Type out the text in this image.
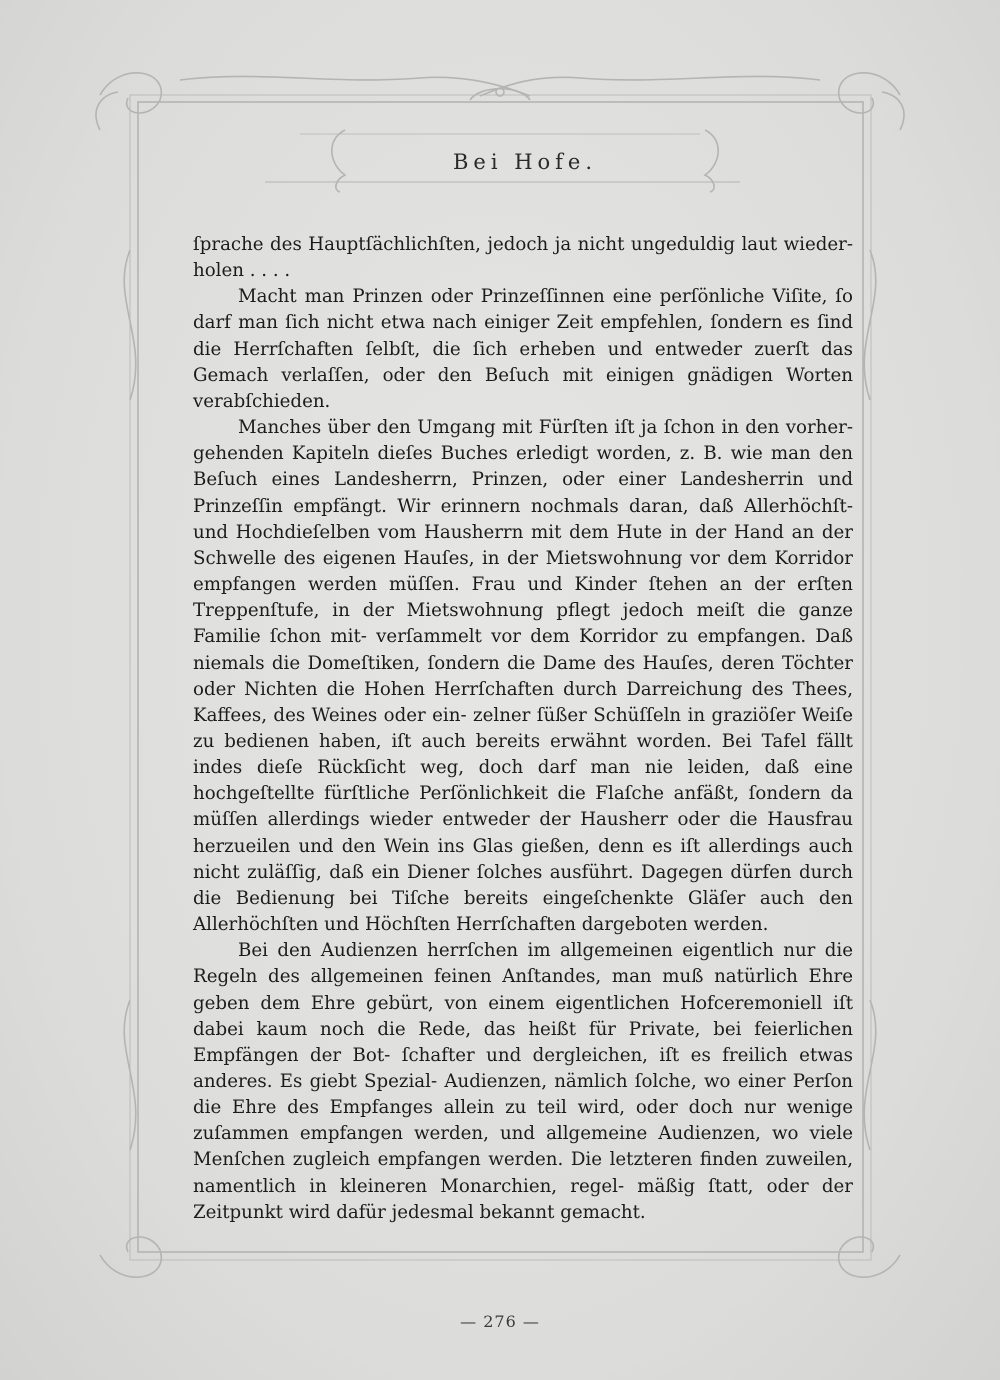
Bei Hofe.

ſprache des Hauptſächlichſten, jedoch ja nicht ungeduldig laut wieder- holen . . . .

Macht man Prinzen oder Prinzeſſinnen eine perſönliche Viſite, ſo darf man ſich nicht etwa nach einiger Zeit empfehlen, ſondern es ſind die Herrſchaften ſelbſt, die ſich erheben und entweder zuerſt das Gemach verlaſſen, oder den Beſuch mit einigen gnädigen Worten verabſchieden.

Manches über den Umgang mit Fürſten iſt ja ſchon in den vorher- gehenden Kapiteln dieſes Buches erledigt worden, z. B. wie man den Beſuch eines Landesherrn, Prinzen, oder einer Landesherrin und Prinzeſſin empfängt. Wir erinnern nochmals daran, daß Allerhöchſt- und Hochdieſelben vom Hausherrn mit dem Hute in der Hand an der Schwelle des eigenen Hauſes, in der Mietswohnung vor dem Korridor empfangen werden müſſen. Frau und Kinder ſtehen an der erſten Treppenſtufe, in der Mietswohnung pflegt jedoch meiſt die ganze Familie ſchon mit- verſammelt vor dem Korridor zu empfangen. Daß niemals die Domeſtiken, ſondern die Dame des Hauſes, deren Töchter oder Nichten die Hohen Herrſchaften durch Darreichung des Thees, Kaffees, des Weines oder ein- zelner ſüßer Schüſſeln in graziöſer Weiſe zu bedienen haben, iſt auch bereits erwähnt worden. Bei Tafel fällt indes dieſe Rückſicht weg, doch darf man nie leiden, daß eine hochgeſtellte fürſtliche Perſönlichkeit die Flaſche anfäßt, ſondern da müſſen allerdings wieder entweder der Hausherr oder die Hausfrau herzueilen und den Wein ins Glas gießen, denn es iſt allerdings auch nicht zuläſſig, daß ein Diener ſolches ausführt. Dagegen dürfen durch die Bedienung bei Tiſche bereits eingeſchenkte Gläſer auch den Allerhöchſten und Höchſten Herrſchaften dargeboten werden.

Bei den Audienzen herrſchen im allgemeinen eigentlich nur die Regeln des allgemeinen feinen Anſtandes, man muß natürlich Ehre geben dem Ehre gebürt, von einem eigentlichen Hofceremoniell iſt dabei kaum noch die Rede, das heißt für Private, bei feierlichen Empfängen der Bot- ſchafter und dergleichen, iſt es freilich etwas anderes. Es giebt Spezial- Audienzen, nämlich ſolche, wo einer Perſon die Ehre des Empfanges allein zu teil wird, oder doch nur wenige zuſammen empfangen werden, und allgemeine Audienzen, wo viele Menſchen zugleich empfangen werden. Die letzteren finden zuweilen, namentlich in kleineren Monarchien, regel- mäßig ſtatt, oder der Zeitpunkt wird dafür jedesmal bekannt gemacht.

— 276 —
